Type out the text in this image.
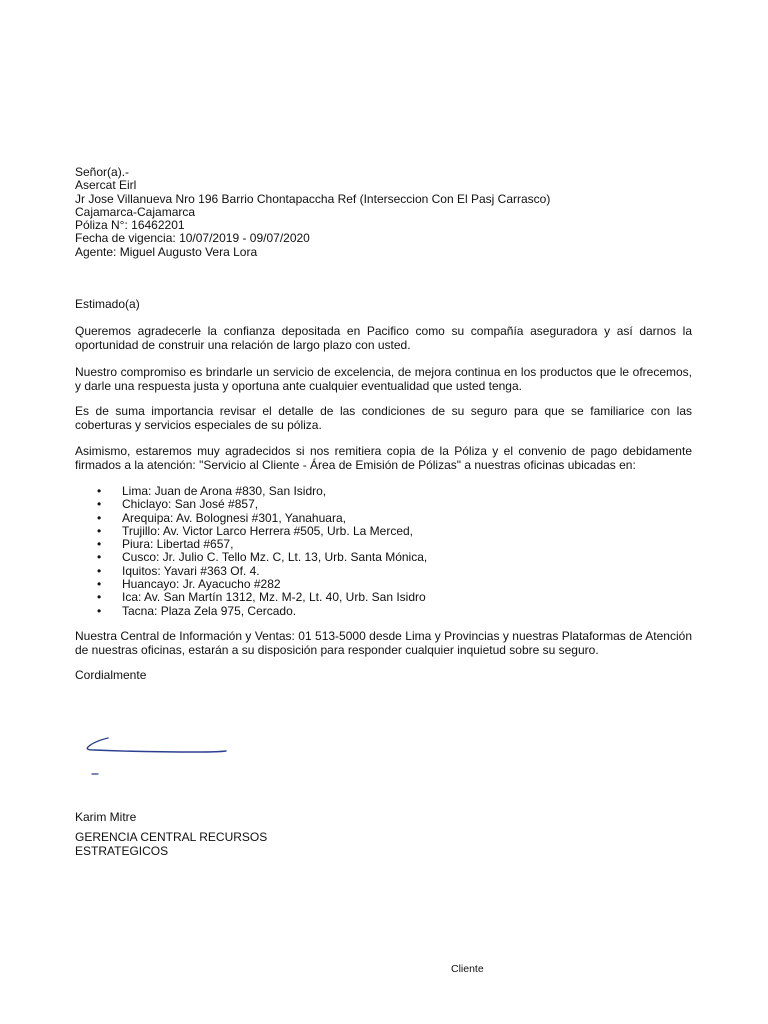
Señor(a).-
Asercat Eirl
Jr Jose Villanueva Nro 196 Barrio Chontapaccha Ref (Interseccion Con El Pasj Carrasco)
Cajamarca-Cajamarca
Póliza N°: 16462201
Fecha de vigencia: 10/07/2019 - 09/07/2020
Agente: Miguel Augusto Vera Lora
Estimado(a)

Queremos agradecerle la confianza depositada en Pacifico como su compañía aseguradora y así darnos la oportunidad de construir una relación de largo plazo con usted.

Nuestro compromiso es brindarle un servicio de excelencia, de mejora continua en los productos que le ofrecemos, y darle una respuesta justa y oportuna ante cualquier eventualidad que usted tenga.

Es de suma importancia revisar el detalle de las condiciones de su seguro para que se familiarice con las coberturas y servicios especiales de su póliza.

Asimismo, estaremos muy agradecidos si nos remitiera copia de la Póliza y el convenio de pago debidamente firmados a la atención: "Servicio al Cliente - Área de Emisión de Pólizas" a nuestras oficinas ubicadas en:

• Lima: Juan de Arona #830, San Isidro,
• Chiclayo: San José #857,
• Arequipa: Av. Bolognesi #301, Yanahuara,
• Trujillo: Av. Victor Larco Herrera #505, Urb. La Merced,
• Piura: Libertad #657,
• Cusco: Jr. Julio C. Tello Mz. C, Lt. 13, Urb. Santa Mónica,
• Iquitos: Yavari #363 Of. 4.
• Huancayo: Jr. Ayacucho #282
• Ica: Av. San Martín 1312, Mz. M-2, Lt. 40, Urb. San Isidro
• Tacna: Plaza Zela 975, Cercado.

Nuestra Central de Información y Ventas: 01 513-5000 desde Lima y Provincias y nuestras Plataformas de Atención de nuestras oficinas, estarán a su disposición para responder cualquier inquietud sobre su seguro.

Cordialmente
Karim Mitre
GERENCIA CENTRAL RECURSOS ESTRATEGICOS
Cliente
